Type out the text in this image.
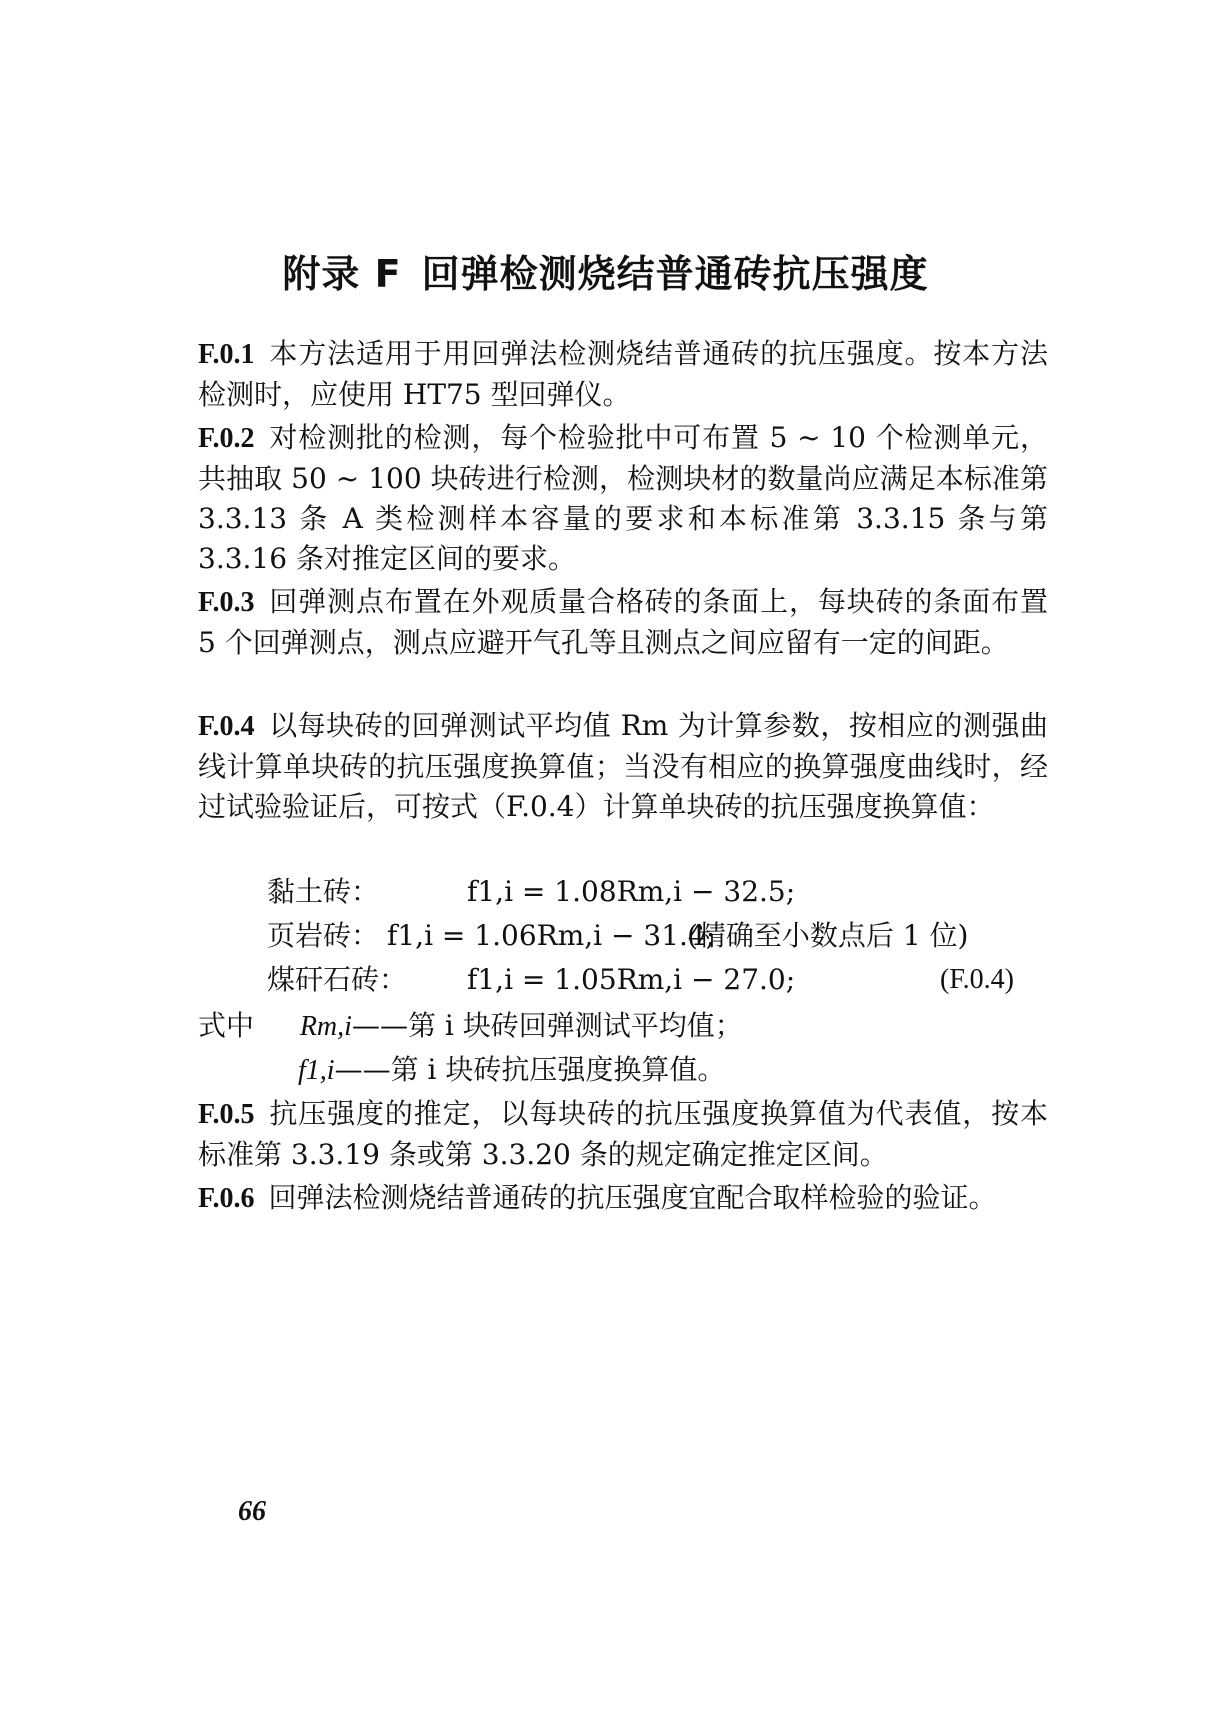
附录 F 回弹检测烧结普通砖抗压强度
F.0.1 本方法适用于用回弹法检测烧结普通砖的抗压强度。按本方法检测时，应使用 HT75 型回弹仪。
F.0.2 对检测批的检测，每个检验批中可布置 5 ~ 10 个检测单元，共抽取 50 ~ 100 块砖进行检测，检测块材的数量尚应满足本标准第 3.3.13 条 A 类检测样本容量的要求和本标准第 3.3.15 条与第 3.3.16 条对推定区间的要求。
F.0.3 回弹测点布置在外观质量合格砖的条面上，每块砖的条面布置 5 个回弹测点，测点应避开气孔等且测点之间应留有一定的间距。
F.0.4 以每块砖的回弹测试平均值 Rm 为计算参数，按相应的测强曲线计算单块砖的抗压强度换算值；当没有相应的换算强度曲线时，经过试验验证后，可按式（F.0.4）计算单块砖的抗压强度换算值：
黏土砖：	f1,i = 1.08Rm,i − 32.5;
页岩砖： f1,i = 1.06Rm,i − 31.4;
(精确至小数点后 1 位)
煤矸石砖： f1,i = 1.05Rm,i − 27.0;	(F.0.4)
式中 Rm,i——第 i 块砖回弹测试平均值；
f1,i——第 i 块砖抗压强度换算值。
F.0.5 抗压强度的推定，以每块砖的抗压强度换算值为代表值，按本标准第 3.3.19 条或第 3.3.20 条的规定确定推定区间。
F.0.6 回弹法检测烧结普通砖的抗压强度宜配合取样检验的验证。
66
